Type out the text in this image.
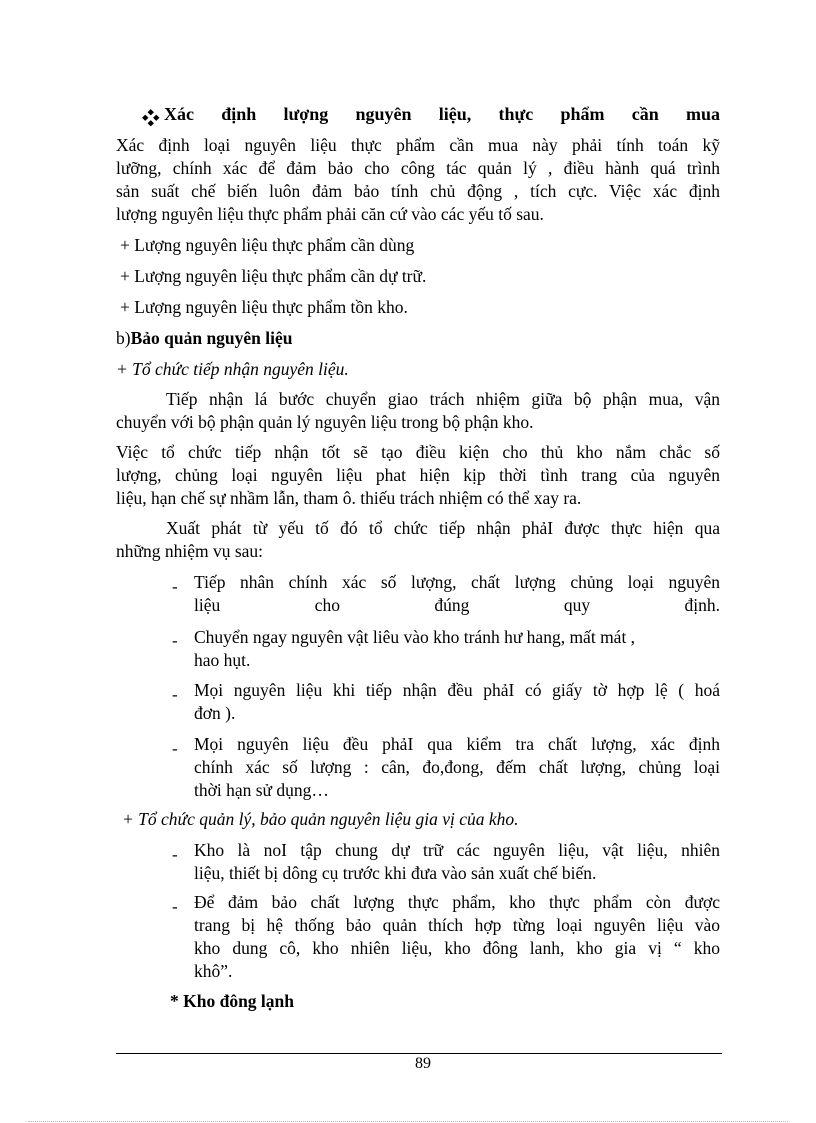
Xác định lượng nguyên liệu, thực phẩm cần mua
Xác định loại nguyên liệu thực phẩm cần mua này phải tính toán kỹ
lưỡng, chính xác để đảm bảo cho công tác quản lý , điều hành quá trình
sản suất chế biến luôn đảm bảo tính chủ động , tích cực. Việc xác định
lượng nguyên liệu thực phẩm phải căn cứ vào các yếu tố sau.
+ Lượng nguyên liệu thực phẩm cần dùng
+ Lượng nguyên liệu thực phẩm cần dự trữ.
+ Lượng nguyên liệu thực phẩm tồn kho.
b)Bảo quản nguyên liệu
+ Tổ chức tiếp nhận nguyên liệu.
Tiếp nhận lá bước chuyển giao trách nhiệm giữa bộ phận mua, vận
chuyển với bộ phận quản lý nguyên liệu trong bộ phận kho.
Việc tổ chức tiếp nhận tốt sẽ tạo điều kiện cho thủ kho nắm chắc số
lượng, chủng loại nguyên liệu phat hiện kịp thời tình trang của nguyên
liệu, hạn chế sự nhầm lẫn, tham ô. thiếu trách nhiệm có thể xay ra.
Xuất phát từ yếu tố đó tổ chức tiếp nhận phảI được thực hiện qua
những nhiệm vụ sau:
- Tiếp nhân chính xác số lượng, chất lượng chủng loại nguyên
liệu cho đúng quy định.
- Chuyển ngay nguyên vật liêu vào kho tránh hư hang, mất mát ,
hao hụt.
- Mọi nguyên liệu khi tiếp nhận đều phảI có giấy tờ hợp lệ ( hoá
đơn ).
- Mọi nguyên liệu đều phảI qua kiểm tra chất lượng, xác định
chính xác số lượng : cân, đo,đong, đếm chất lượng, chủng loại
thời hạn sử dụng…
+ Tổ chức quản lý, bảo quản nguyên liệu gia vị của kho.
- Kho là noI tập chung dự trữ các nguyên liệu, vật liệu, nhiên
liệu, thiết bị dông cụ trước khi đưa vào sản xuất chế biến.
- Để đảm bảo chất lượng thực phẩm, kho thực phẩm còn được
trang bị hệ thống bảo quản thích hợp từng loại nguyên liệu vào
kho dung cô, kho nhiên liệu, kho đông lanh, kho gia vị “ kho
khô”.
* Kho đông lạnh
89
